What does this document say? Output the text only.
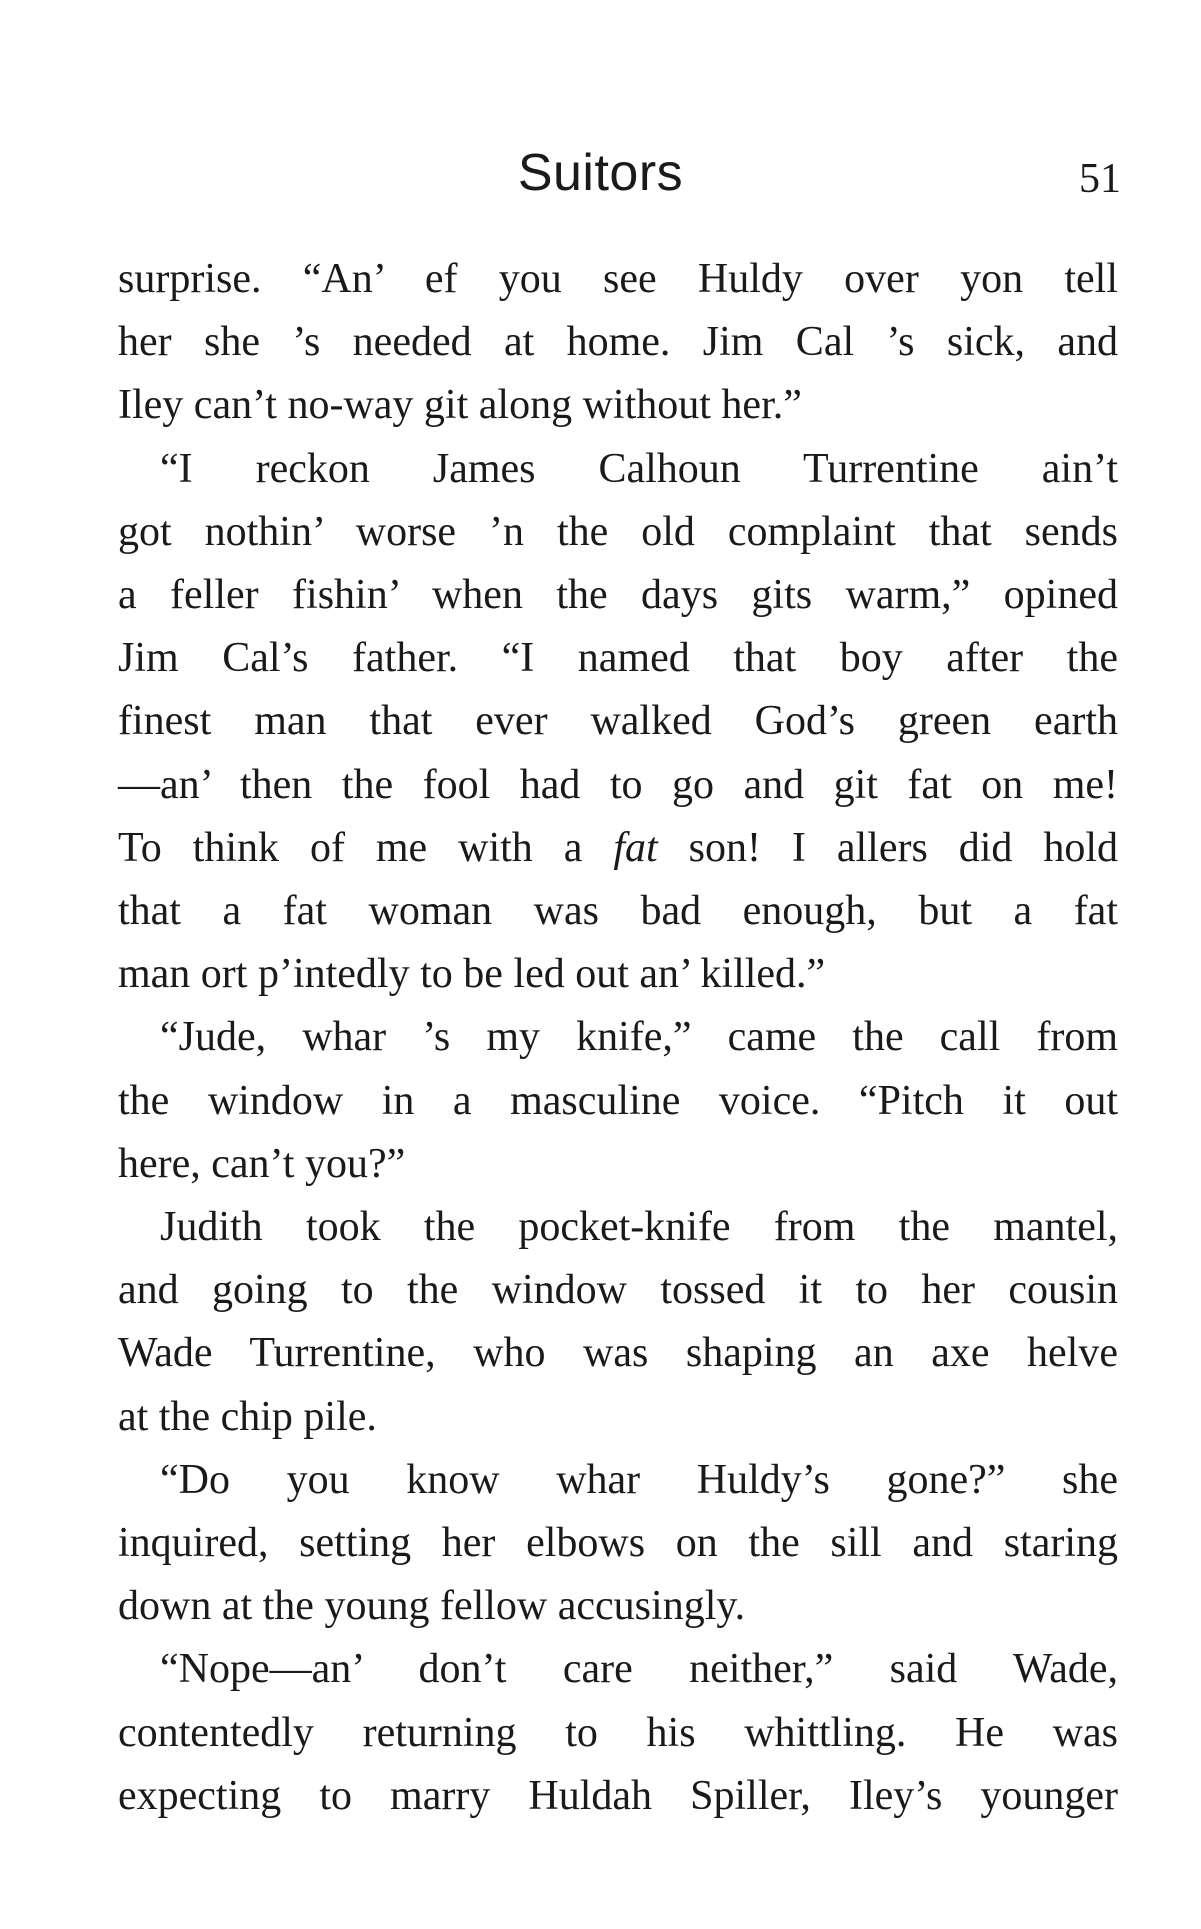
Suitors	51

surprise. “An’ ef you see Huldy over yon tell
her she ’s needed at home. Jim Cal ’s sick, and
Iley can’t no-way git along without her.”

“I reckon James Calhoun Turrentine ain’t
got nothin’ worse ’n the old complaint that sends
a feller fishin’ when the days gits warm,” opined
Jim Cal’s father. “I named that boy after the
finest man that ever walked God’s green earth
—an’ then the fool had to go and git fat on me!
To think of me with a fat son! I allers did hold
that a fat woman was bad enough, but a fat
man ort p’intedly to be led out an’ killed.”

“Jude, whar ’s my knife,” came the call from
the window in a masculine voice. “Pitch it out
here, can’t you?”

Judith took the pocket-knife from the mantel,
and going to the window tossed it to her cousin
Wade Turrentine, who was shaping an axe helve
at the chip pile.

“Do you know whar Huldy’s gone?” she
inquired, setting her elbows on the sill and staring
down at the young fellow accusingly.

“Nope—an’ don’t care neither,” said Wade,
contentedly returning to his whittling. He was
expecting to marry Huldah Spiller, Iley’s younger
